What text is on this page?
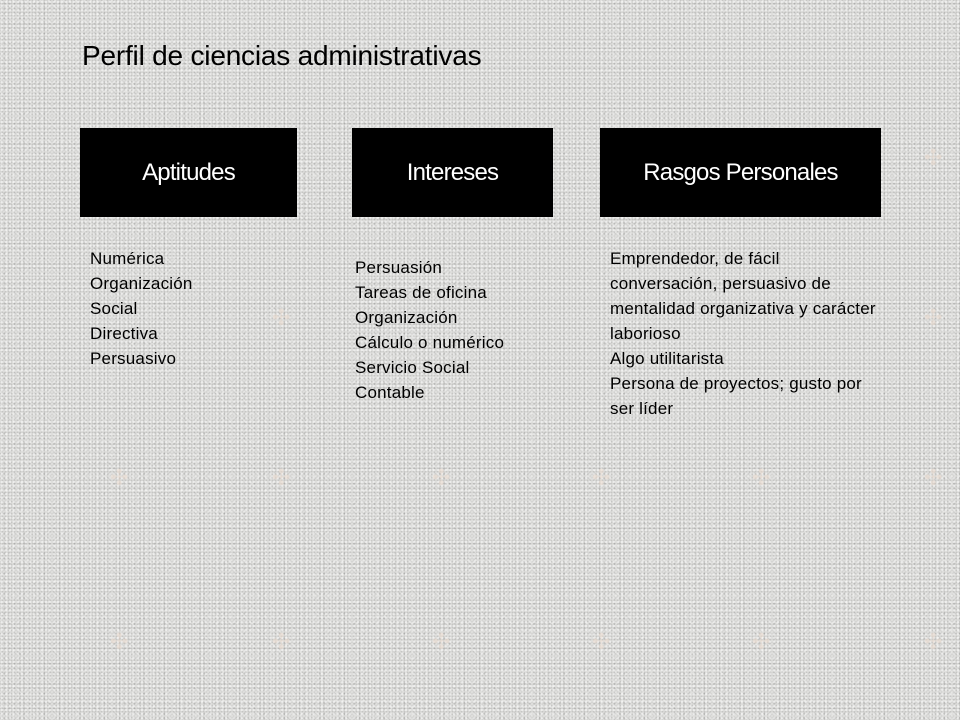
✣	✣	✣	✣	✣	✣
✣
✣
✣
✣	✣	✣	✣	✣	✣
Perfil de ciencias administrativas
Aptitudes
Numérica
Organización
Social
Directiva
Persuasivo
Intereses
Persuasión
Tareas de oficina
Organización
Cálculo o numérico
Servicio Social
Contable
Rasgos Personales
Emprendedor, de fácil conversación, persuasivo de mentalidad organizativa y carácter laborioso
Algo utilitarista
Persona de proyectos; gusto por ser líder
